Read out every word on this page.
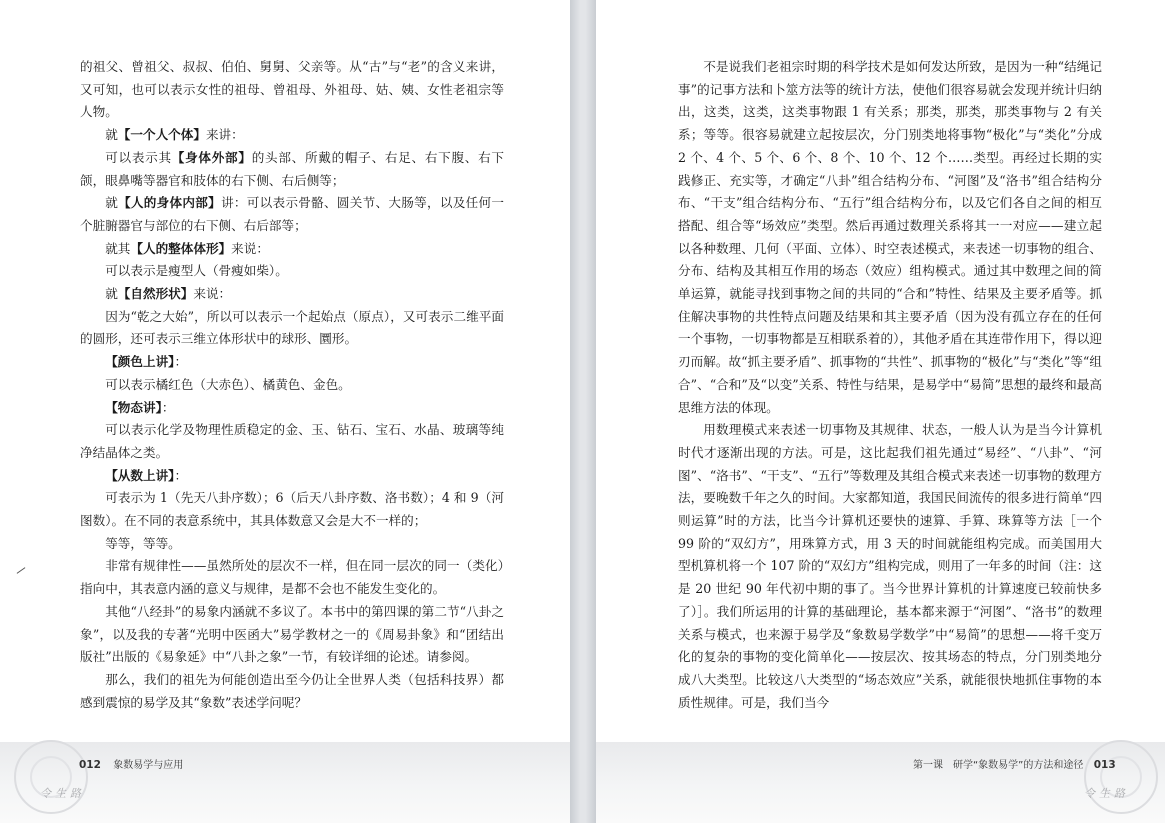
的祖父、曾祖父、叔叔、伯伯、舅舅、父亲等。从“古”与“老”的含义来讲，又可知，也可以表示女性的祖母、曾祖母、外祖母、姑、姨、女性老祖宗等人物。

就【一个人个体】来讲：

可以表示其【身体外部】的头部、所戴的帽子、右足、右下腹、右下颌，眼鼻嘴等器官和肢体的右下侧、右后侧等；

就【人的身体内部】讲：可以表示骨骼、圆关节、大肠等，以及任何一个脏腑器官与部位的右下侧、右后部等；

就其【人的整体体形】来说：

可以表示是瘦型人（骨瘦如柴）。

就【自然形状】来说：

因为“乾之大始”，所以可以表示一个起始点（原点），又可表示二维平面的圆形，还可表示三维立体形状中的球形、圜形。

【颜色上讲】：

可以表示橘红色（大赤色）、橘黄色、金色。

【物态讲】：

可以表示化学及物理性质稳定的金、玉、钻石、宝石、水晶、玻璃等纯净结晶体之类。

【从数上讲】：

可表示为 1（先天八卦序数）；6（后天八卦序数、洛书数）；4 和 9（河图数）。在不同的表意系统中，其具体数意又会是大不一样的；

等等，等等。

非常有规律性——虽然所处的层次不一样，但在同一层次的同一（类化）指向中，其表意内涵的意义与规律，是都不会也不能发生变化的。

其他“八经卦”的易象内涵就不多议了。本书中的第四课的第二节“八卦之象”，以及我的专著“光明中医函大”易学教材之一的《周易卦象》和“团结出版社”出版的《易象延》中“八卦之象”一节，有较详细的论述。请参阅。

那么，我们的祖先为何能创造出至今仍让全世界人类（包括科技界）都感到震惊的易学及其“象数”表述学问呢？

012 象数易学与应用
令生路

不是说我们老祖宗时期的科学技术是如何发达所致，是因为一种“结绳记事”的记事方法和卜筮方法等的统计方法，使他们很容易就会发现并统计归纳出，这类，这类，这类事物跟 1 有关系；那类，那类，那类事物与 2 有关系；等等。很容易就建立起按层次，分门别类地将事物“极化”与“类化”分成 2 个、4 个、5 个、6 个、8 个、10 个、12 个……类型。再经过长期的实践修正、充实等，才确定“八卦”组合结构分布、“河图”及“洛书”组合结构分布、“干支”组合结构分布、“五行”组合结构分布，以及它们各自之间的相互搭配、组合等“场效应”类型。然后再通过数理关系将其一一对应——建立起以各种数理、几何（平面、立体）、时空表述模式，来表述一切事物的组合、分布、结构及其相互作用的场态（效应）组构模式。通过其中数理之间的简单运算，就能寻找到事物之间的共同的“合和”特性、结果及主要矛盾等。抓住解决事物的共性特点问题及结果和其主要矛盾（因为没有孤立存在的任何一个事物，一切事物都是互相联系着的），其他矛盾在其连带作用下，得以迎刃而解。故“抓主要矛盾”、抓事物的“共性”、抓事物的“极化”与“类化”等“组合”、“合和”及“以变”关系、特性与结果，是易学中“易简”思想的最终和最高思维方法的体现。

用数理模式来表述一切事物及其规律、状态，一般人认为是当今计算机时代才逐渐出现的方法。可是，这比起我们祖先通过“易经”、“八卦”、“河图”、“洛书”、“干支”、“五行”等数理及其组合模式来表述一切事物的数理方法，要晚数千年之久的时间。大家都知道，我国民间流传的很多进行简单“四则运算”时的方法，比当今计算机还要快的速算、手算、珠算等方法［一个 99 阶的“双幻方”，用珠算方式，用 3 天的时间就能组构完成。而美国用大型机算机将一个 107 阶的“双幻方”组构完成，则用了一年多的时间（注：这是 20 世纪 90 年代初中期的事了。当今世界计算机的计算速度已较前快多了）］。我们所运用的计算的基础理论，基本都来源于“河图”、“洛书”的数理关系与模式，也来源于易学及“象数易学数学”中“易简”的思想——将千变万化的复杂的事物的变化简单化——按层次、按其场态的特点，分门别类地分成八大类型。比较这八大类型的“场态效应”关系，就能很快地抓住事物的本质性规律。可是，我们当今

第一课　研学“象数易学”的方法和途径 013
令生路
